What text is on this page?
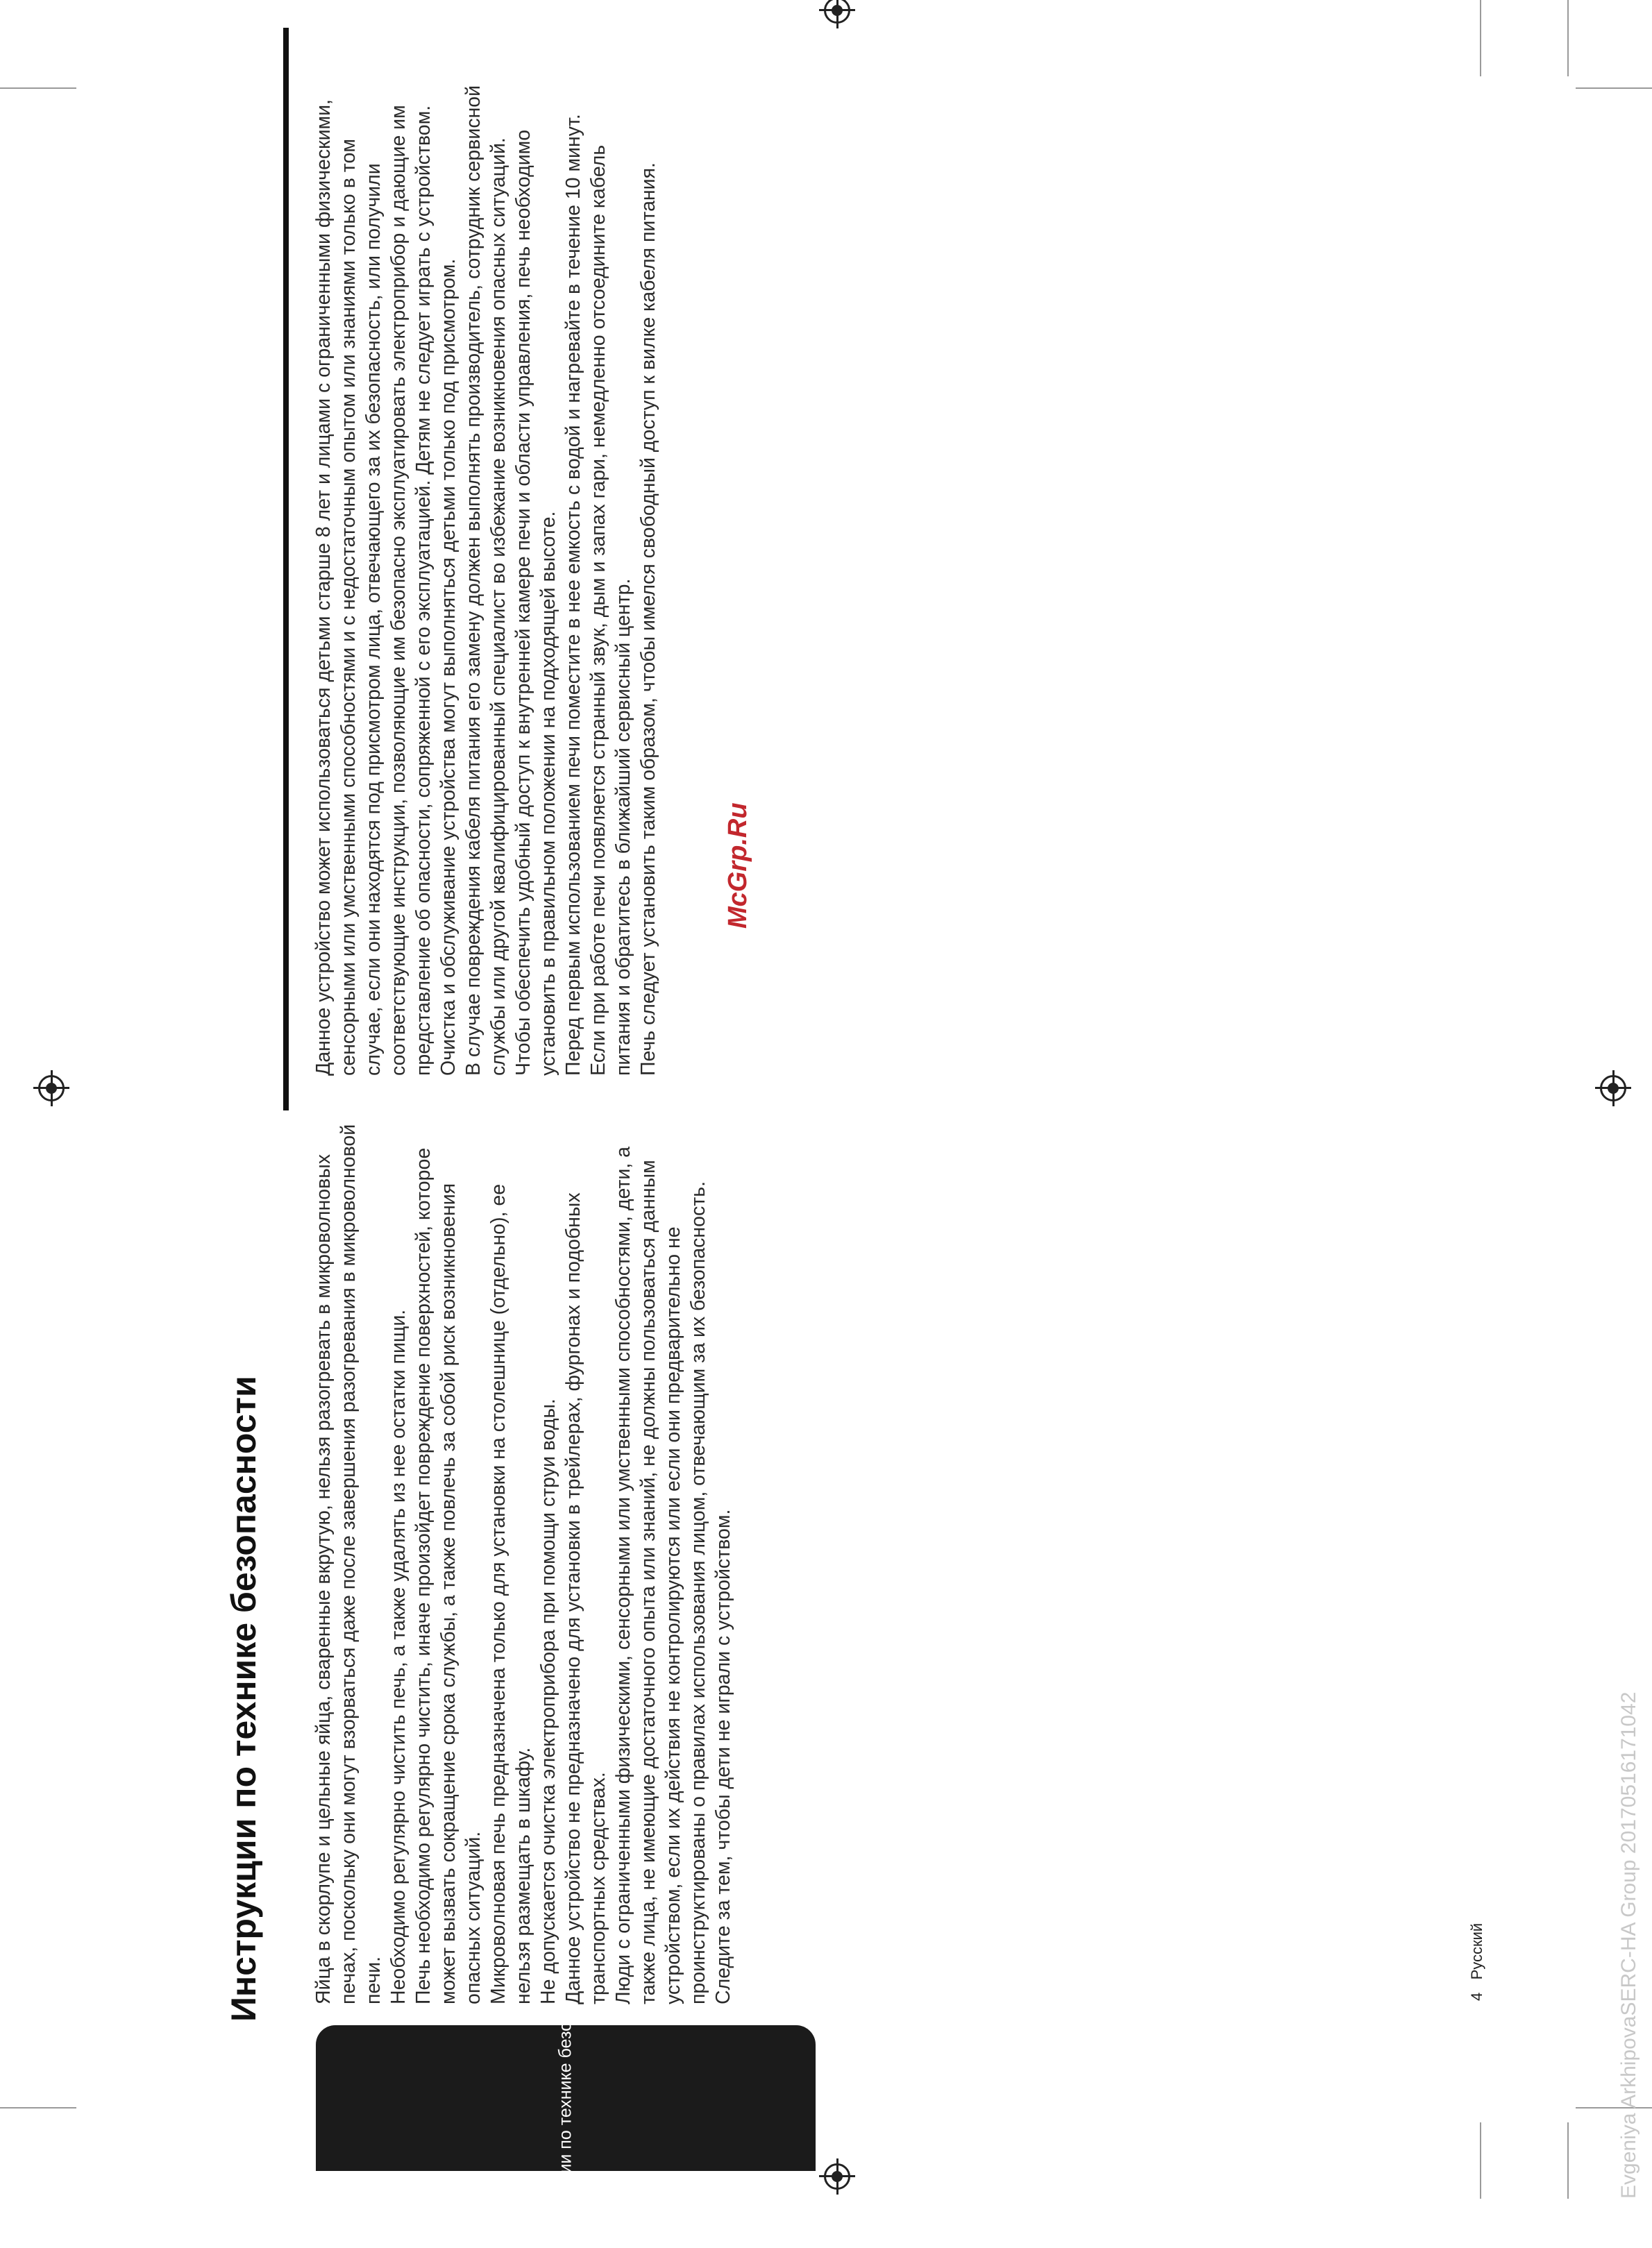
Инструкции по технике безопасности
Инструкции по технике безопасности Яйца в скорлупе и цельные яйца, сваренные вкрутую, нельзя разогревать в микроволновых печах, поскольку они могут взорваться даже после завершения разогревания в микроволновой печи. Необходимо регулярно чистить печь, а также удалять из нее остатки пищи. Печь необходимо регулярно чистить, иначе произойдет повреждение поверхностей, которое может вызвать сокращение срока службы, а также повлечь за собой риск возникновения опасных ситуаций. Микроволновая печь предназначена только для установки на столешнице (отдельно), ее нельзя размещать в шкафу. Не допускается очистка электроприбора при помощи струи воды. Данное устройство не предназначено для установки в трейлерах, фургонах и подобных транспортных средствах. Люди с ограниченными физическими, сенсорными или умственными способностями, дети, а также лица, не имеющие достаточного опыта или знаний, не должны пользоваться данным устройством, если их действия не контролируются или если они предварительно не проинструктированы о правилах использования лицом, отвечающим за их безопасность. Следите за тем, чтобы дети не играли с устройством.

Данное устройство может использоваться детьми старше 8 лет и лицами с ограниченными физическими, сенсорными или умственными способностями и с недостаточным опытом или знаниями только в том случае, если они находятся под присмотром лица, отвечающего за их безопасность, или получили соответствующие инструкции, позволяющие им безопасно эксплуатировать электроприбор и дающие им представление об опасности, сопряженной с его эксплуатацией. Детям не следует играть с устройством. Очистка и обслуживание устройства могут выполняться детьми только под присмотром. В случае повреждения кабеля питания его замену должен выполнять производитель, сотрудник сервисной службы или другой квалифицированный специалист во избежание возникновения опасных ситуаций. Чтобы обеспечить удобный доступ к внутренней камере печи и области управления, печь необходимо установить в правильном положении на подходящей высоте. Перед первым использованием печи поместите в нее емкость с водой и нагревайте в течение 10 минут. Если при работе печи появляется странный звук, дым и запах гари, немедленно отсоедините кабель питания и обратитесь в ближайший сервисный центр. Печь следует установить таким образом, чтобы имелся свободный доступ к вилке кабеля питания. McGrp.Ru
4   Русский	Evgeniya ArkhipovaSERC-HA Group 20170516171042
